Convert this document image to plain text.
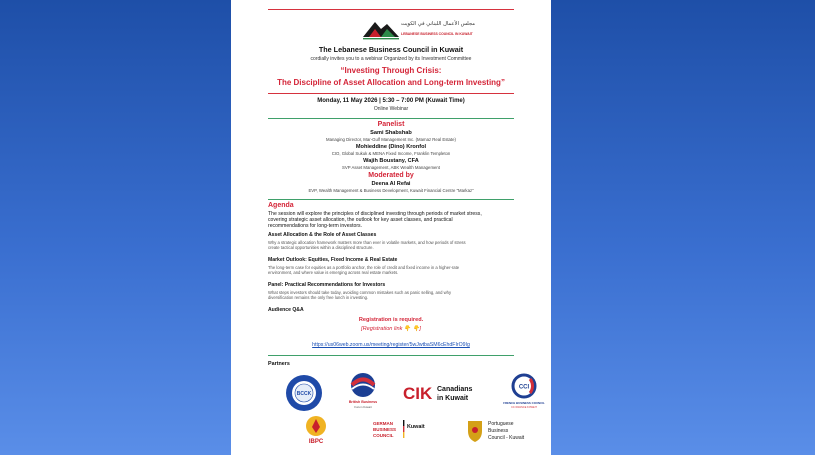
مجلس الأعمال اللبناني في الكويت
LEBANESE BUSINESS COUNCIL IN KUWAIT
The Lebanese Business Council in Kuwait
cordially invites you to a webinar Organized by its Investment Committee
“Investing Through Crisis:
The Discipline of Asset Allocation and Long-term Investing”
Monday, 11 May 2026 | 5:30 – 7:00 PM (Kuwait Time)
Online Webinar
Panelist
Sami Shabshab
Managing Director, Mar-Gulf Management Inc. (Mamaz Real Estate)
Mohieddine (Dino) Kronfol
CIO, Global Sukuk & MENA Fixed Income, Franklin Templeton
Wajih Boustany, CFA
SVP Asset Management, ABK Wealth Management
Moderated by
Deena Al Refai
EVP, Wealth Management & Business Development, Kuwait Financial Centre “Markaz”
Agenda
The session will explore the principles of disciplined investing through periods of market stress,
covering strategic asset allocation, the outlook for key asset classes, and practical
recommendations for long-term investors.
Asset Allocation & the Role of Asset Classes
Why a strategic allocation framework matters more than ever in volatile markets, and how periods of stress
create tactical opportunities within a disciplined structure.
Market Outlook: Equities, Fixed Income & Real Estate
The long-term case for equities as a portfolio anchor, the role of credit and fixed income in a higher-rate
environment, and where value is emerging across real estate markets.
Panel: Practical Recommendations for Investors
What steps investors should take today, avoiding common mistakes such as panic selling, and why
diversification remains the only free lunch in investing.
Audience Q&A
Registration is required.
[Registration link 👇 👇]
https://us06web.zoom.us/meeting/register/5wJwtbaSM6cEhdFIrO9Ig
Partners
BCCK
British Business
Forum Kuwait
CIK Canadians
in Kuwait
CCI
FRENCH BUSINESS COUNCIL
CCI FRANCE KOWEIT
IBPC
GERMAN
BUSINESS
COUNCIL
Kuwait	Portuguese
Business
Council - Kuwait
